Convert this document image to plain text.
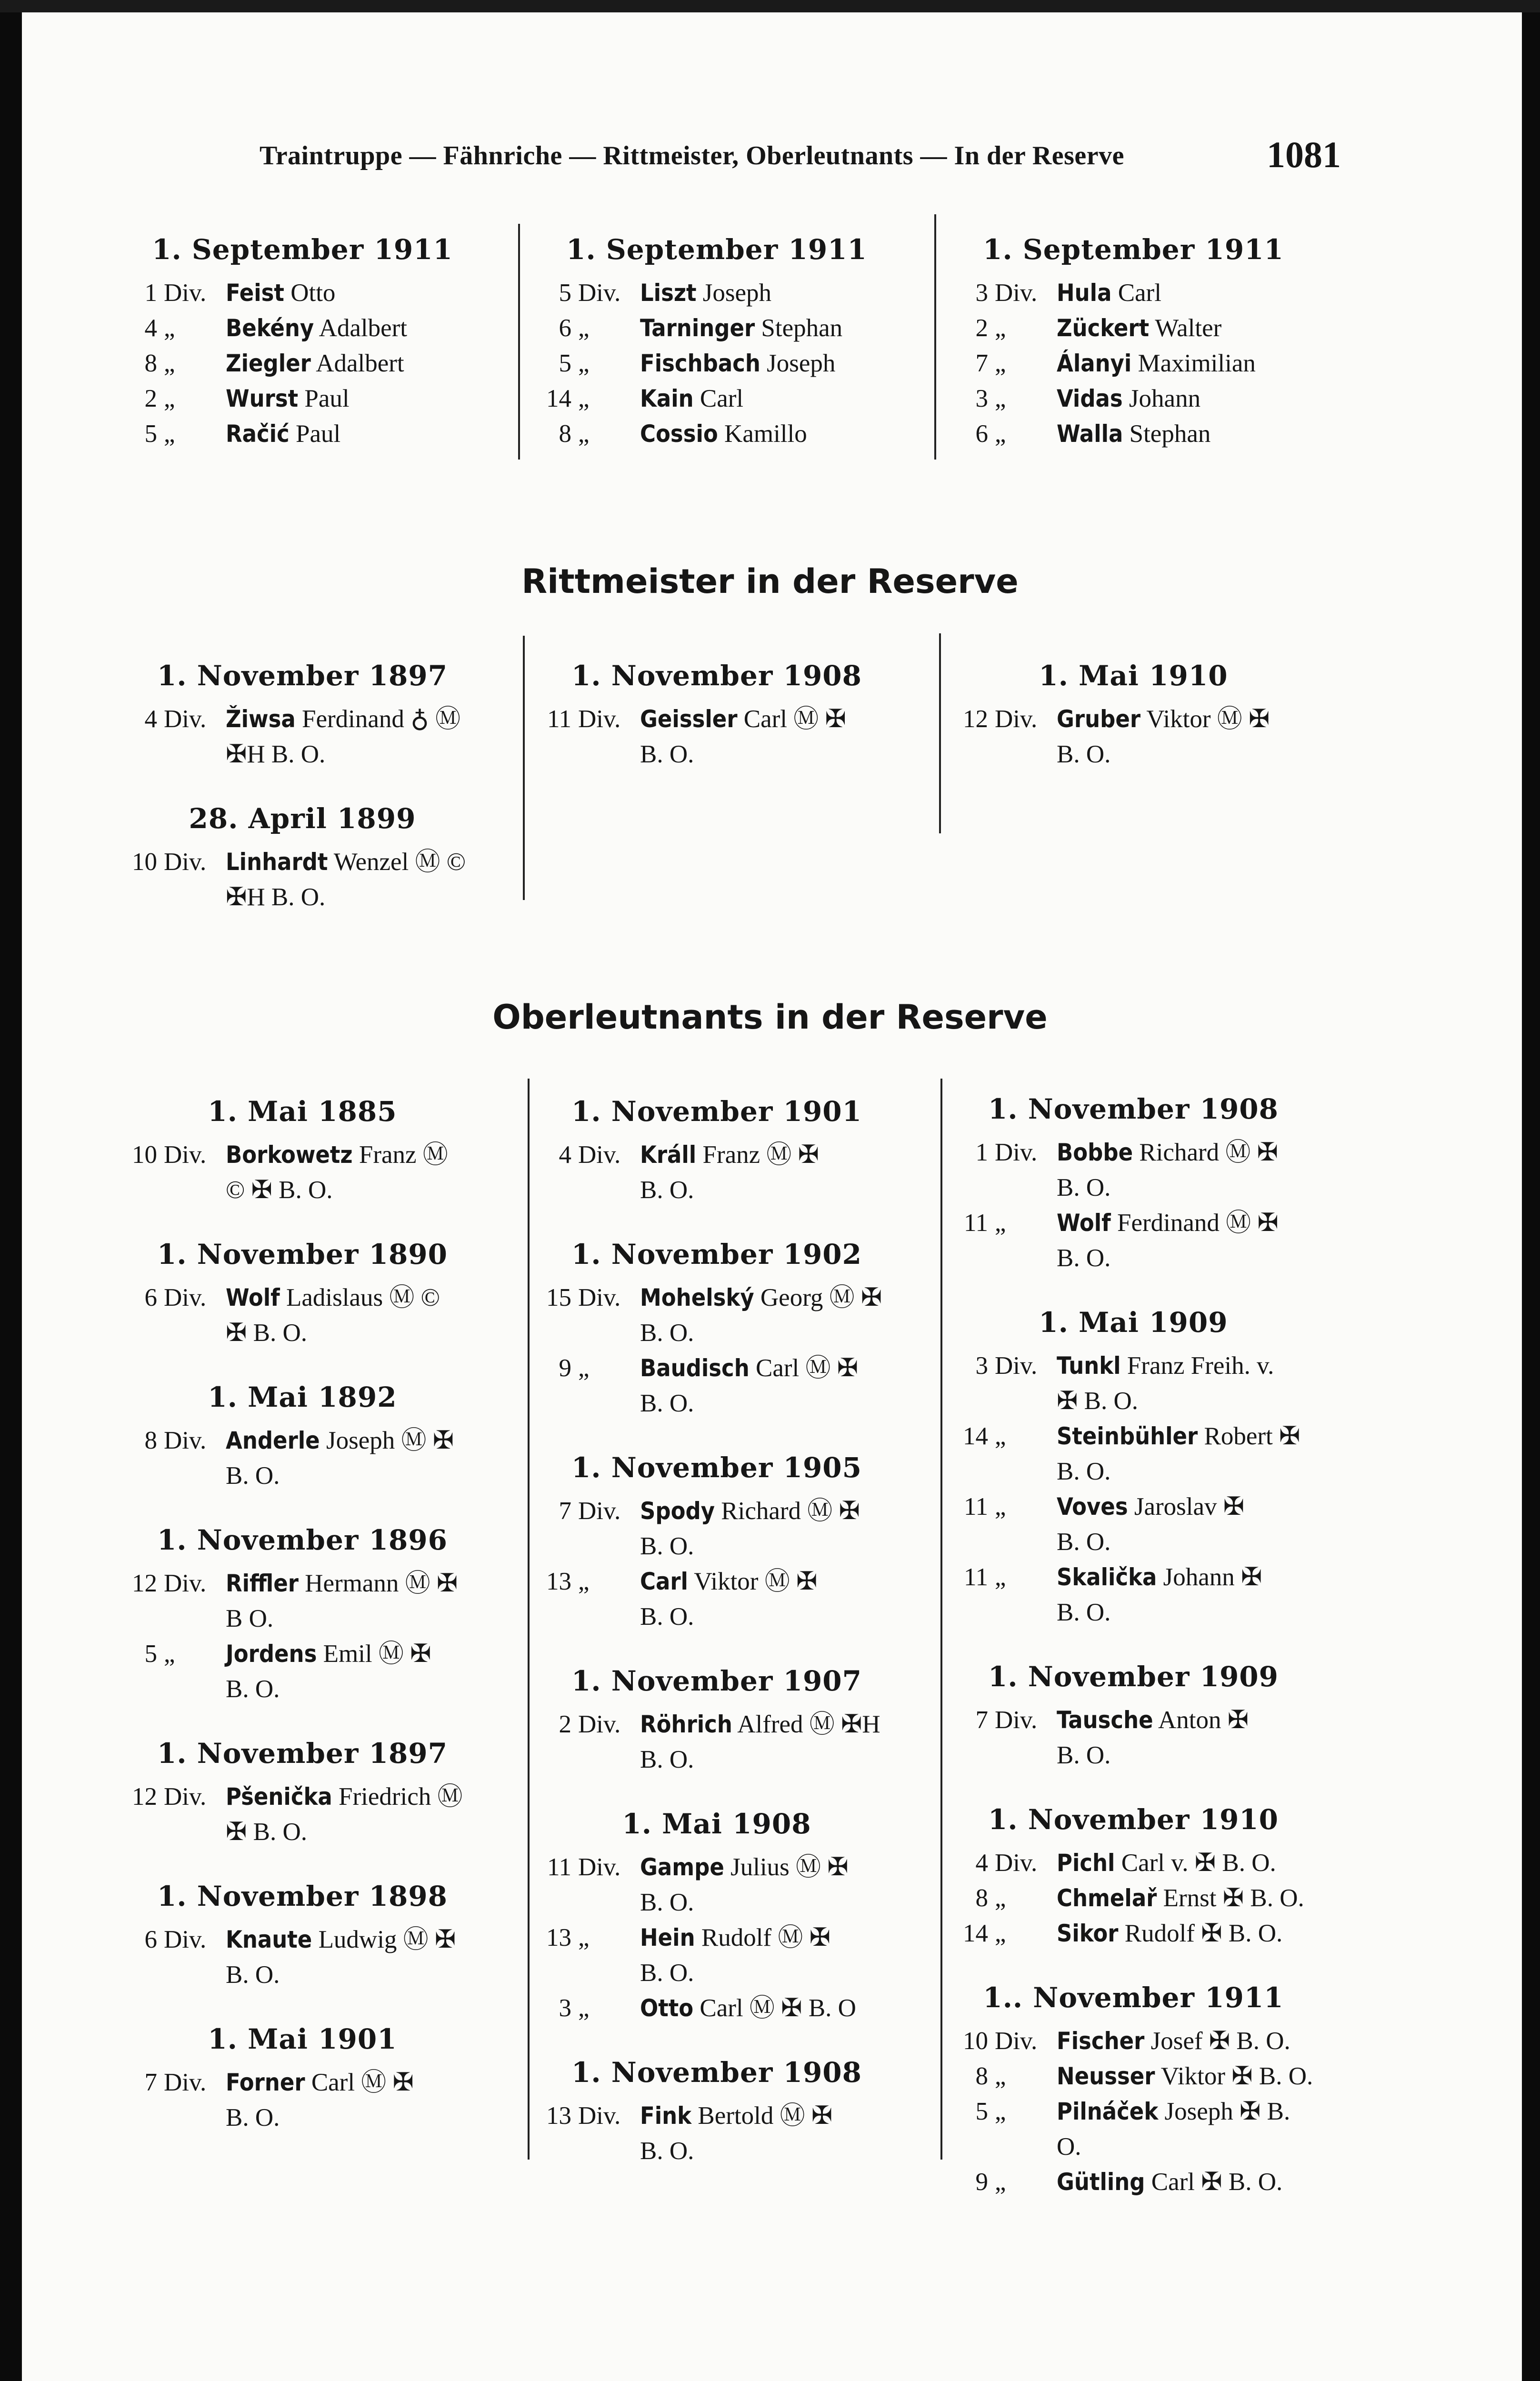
Traintruppe — Fähnriche — Rittmeister, Oberleutnants — In der Reserve	1081
1. September 1911
1 Div. Feist Otto
4 „	Bekény Adalbert
8 „	Ziegler Adalbert
2 „	Wurst Paul
5 „	Račić Paul
1. September 1911
5 Div. Liszt Joseph
6 „	Tarninger Stephan
5 „	Fischbach Joseph
14 „	Kain Carl
8 „	Cossio Kamillo
1. September 1911
3 Div. Hula Carl
2 „	Zückert Walter
7 „	Álanyi Maximilian
3 „	Vidas Johann
6 „	Walla Stephan
Rittmeister in der Reserve
1. November 1897
4 Div. Žiwsa Ferdinand ♁ Ⓜ
✠H B. O.
28. April 1899
10 Div. Linhardt Wenzel Ⓜ ©
✠H B. O.
1. November 1908
11 Div. Geissler Carl Ⓜ ✠
B. O.
1. Mai 1910
12 Div. Gruber Viktor Ⓜ ✠
B. O.
Oberleutnants in der Reserve
1. Mai 1885
10 Div. Borkowetz Franz Ⓜ
© ✠ B. O.
1. November 1890
6 Div. Wolf Ladislaus Ⓜ ©
✠ B. O.
1. Mai 1892
8 Div. Anderle Joseph Ⓜ ✠
B. O.
1. November 1896
12 Div. Riffler Hermann Ⓜ ✠
B O.
5 „	Jordens Emil Ⓜ ✠
B. O.
1. November 1897
12 Div. Pšenička Friedrich Ⓜ
✠ B. O.
1. November 1898
6 Div. Knaute Ludwig Ⓜ ✠
B. O.
1. Mai 1901
7 Div. Forner Carl Ⓜ ✠
B. O.
1. November 1901
4 Div. Králl Franz Ⓜ ✠
B. O.
1. November 1902
15 Div. Mohelský Georg Ⓜ ✠
B. O.
9 „	Baudisch Carl Ⓜ ✠
B. O.
1. November 1905
7 Div. Spody Richard Ⓜ ✠
B. O.
13 „	Carl Viktor Ⓜ ✠
B. O.
1. November 1907
2 Div. Röhrich Alfred Ⓜ ✠H
B. O.
1. Mai 1908
11 Div. Gampe Julius Ⓜ ✠
B. O.
13 „	Hein Rudolf Ⓜ ✠
B. O.
3 „	Otto Carl Ⓜ ✠ B. O
1. November 1908
13 Div. Fink Bertold Ⓜ ✠
B. O.
1. November 1908
1 Div. Bobbe Richard Ⓜ ✠
B. O.
11 „	Wolf Ferdinand Ⓜ ✠
B. O.
1. Mai 1909
3 Div. Tunkl Franz Freih. v.
✠ B. O.
14 „	Steinbühler Robert ✠
B. O.
11 „	Voves Jaroslav ✠
B. O.
11 „	Skalička Johann ✠
B. O.
1. November 1909
7 Div. Tausche Anton ✠
B. O.
1. November 1910
4 Div. Pichl Carl v. ✠ B. O.
8 „	Chmelař Ernst ✠ B. O.
14 „	Sikor Rudolf ✠ B. O.
1.. November 1911
10 Div. Fischer Josef ✠ B. O.
8 „	Neusser Viktor ✠ B. O.
5 „	Pilnáček Joseph ✠ B.
O.
9 „	Gütling Carl ✠ B. O.
